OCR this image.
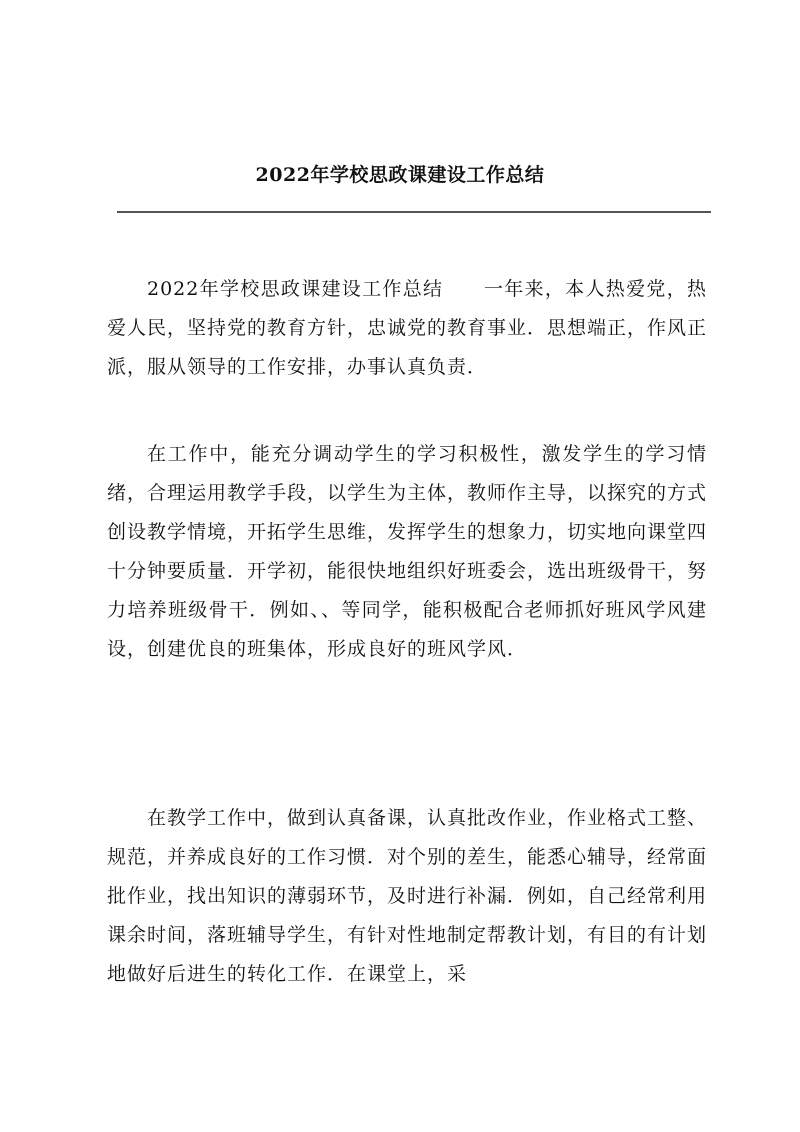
2022年学校思政课建设工作总结

2022年学校思政课建设工作总结　　一年来，本人热爱党，热爱人民，坚持党的教育方针，忠诚党的教育事业．思想端正，作风正派，服从领导的工作安排，办事认真负责．

在工作中，能充分调动学生的学习积极性，激发学生的学习情绪，合理运用教学手段，以学生为主体，教师作主导，以探究的方式创设教学情境，开拓学生思维，发挥学生的想象力，切实地向课堂四十分钟要质量．开学初，能很快地组织好班委会，选出班级骨干，努力培养班级骨干．例如、、等同学，能积极配合老师抓好班风学风建设，创建优良的班集体，形成良好的班风学风．

在教学工作中，做到认真备课，认真批改作业，作业格式工整、规范，并养成良好的工作习惯．对个别的差生，能悉心辅导，经常面批作业，找出知识的薄弱环节，及时进行补漏．例如，自己经常利用课余时间，落班辅导学生，有针对性地制定帮教计划，有目的有计划地做好后进生的转化工作．在课堂上，采
